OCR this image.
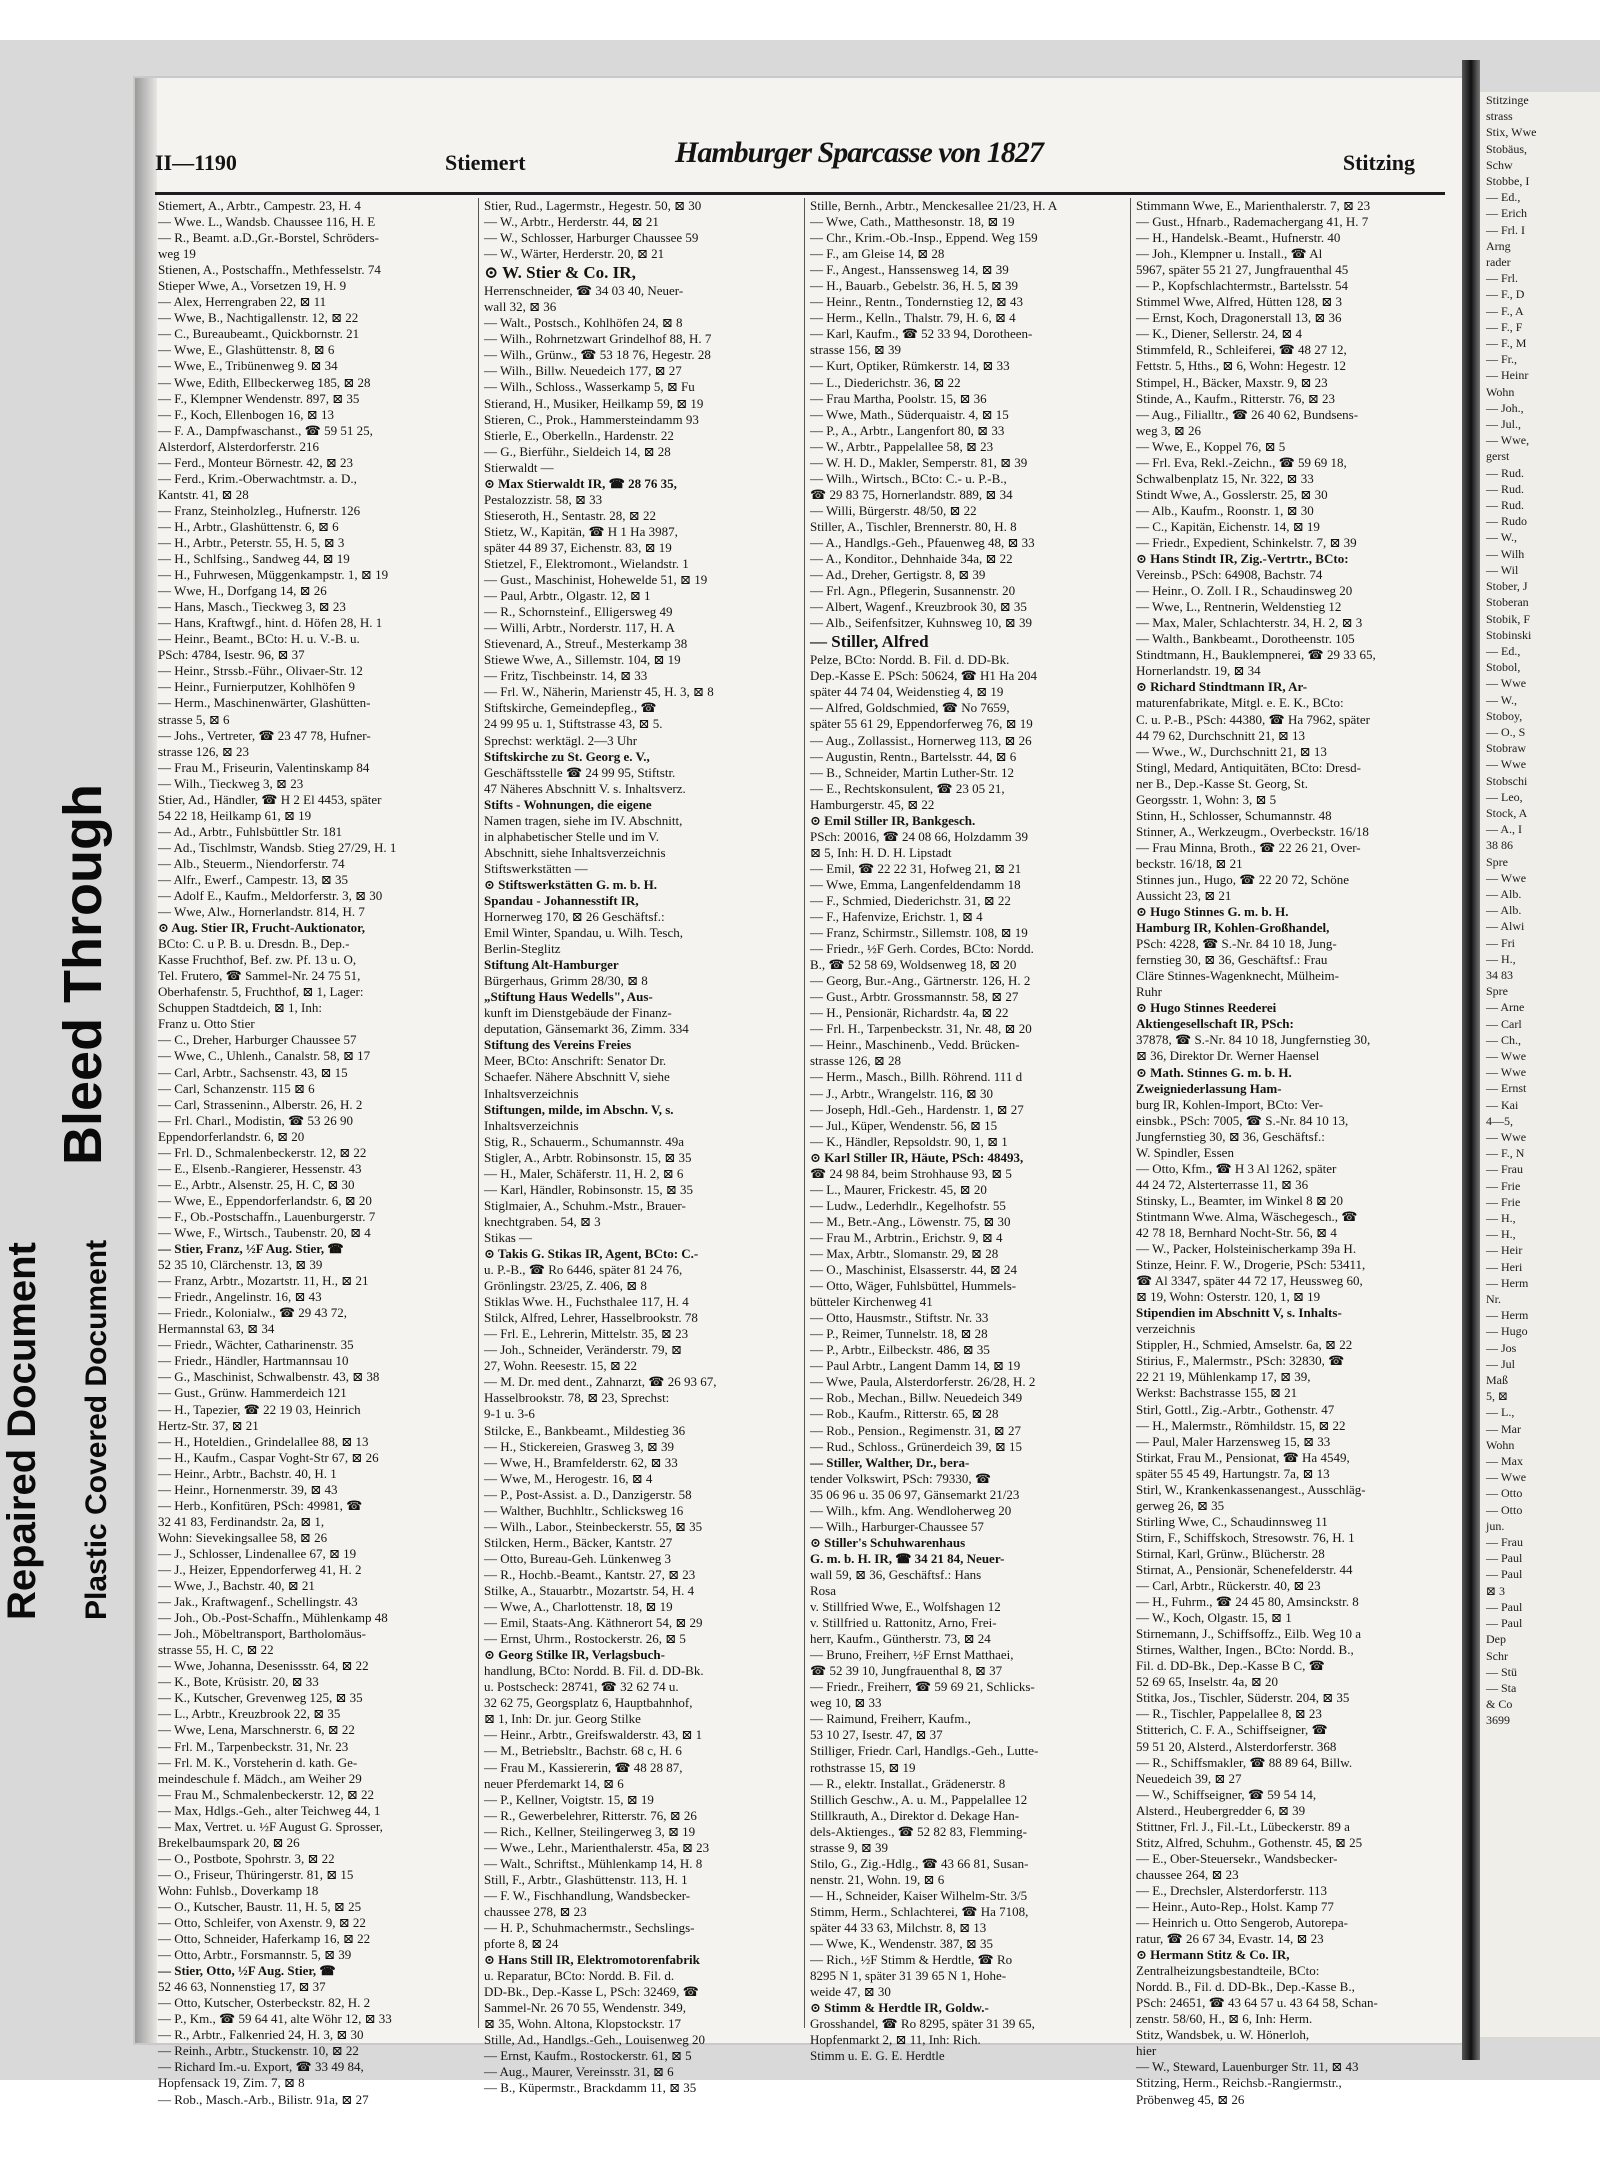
Bleed Through
Repaired Document Plastic Covered Document
Stitzinge
strass
Stix, Wwe
Stobäus,
Schw
Stobbe, I
— Ed.,
— Erich
— Frl. I
Arng
rader
— Frl.
— F., D
— F., A
— F., F
— F., M
— Fr.,
— Heinr
Wohn
— Joh.,
— Jul.,
— Wwe,
gerst
— Rud.
— Rud.
— Rud.
— Rudo
— W.,
— Wilh
— Wil
Stober, J
Stoberan
Stobik, F
Stobinski
— Ed.,
Stobol,
— Wwe
— W.,
Stoboy,
— O., S
Stobraw
— Wwe
Stobschi
— Leo,
Stock, A
— A., I
38 86
Spre
— Wwe
— Alb.
— Alb.
— Alwi
— Fri
— H.,
34 83
Spre
— Arne
— Carl
— Ch.,
— Wwe
— Wwe
— Ernst
— Kai
4—5,
— Wwe
— F., N
— Frau
— Frie
— Frie
— H.,
— H.,
— Heir
— Heri
— Herm
Nr.
— Herm
— Hugo
— Jos
— Jul
Maß
5, ⊠
— L.,
— Mar
Wohn
— Max
— Wwe
— Otto
— Otto
jun.
— Frau
— Paul
— Paul
⊠ 3
— Paul
— Paul
Dep
Schr
— Stü
— Sta
& Co
3699
II—1190	Stiemert	Hamburger Sparcasse von 1827	Stitzing
Stiemert, A., Arbtr., Campestr. 23, H. 4
— Wwe. L., Wandsb. Chaussee 116, H. E
— R., Beamt. a.D.,Gr.-Borstel, Schröders-
weg 19
Stienen, A., Postschaffn., Methfesselstr. 74
Stieper Wwe, A., Vorsetzen 19, H. 9
— Alex, Herrengraben 22, ⊠ 11
— Wwe, B., Nachtigallenstr. 12, ⊠ 22
— C., Bureaubeamt., Quickbornstr. 21
— Wwe, E., Glashüttenstr. 8, ⊠ 6
— Wwe, E., Tribünenweg 9. ⊠ 34
— Wwe, Edith, Ellbeckerweg 185, ⊠ 28
— F., Klempner Wendenstr. 897, ⊠ 35
— F., Koch, Ellenbogen 16, ⊠ 13
— F. A., Dampfwaschanst., ☎ 59 51 25,
Alsterdorf, Alsterdorferstr. 216
— Ferd., Monteur Börnestr. 42, ⊠ 23
— Ferd., Krim.-Oberwachtmstr. a. D.,
Kantstr. 41, ⊠ 28
— Franz, Steinholzleg., Hufnerstr. 126
— H., Arbtr., Glashüttenstr. 6, ⊠ 6
— H., Arbtr., Peterstr. 55, H. 5, ⊠ 3
— H., Schlfsing., Sandweg 44, ⊠ 19
— H., Fuhrwesen, Müggenkampstr. 1, ⊠ 19
— Wwe, H., Dorfgang 14, ⊠ 26
— Hans, Masch., Tieckweg 3, ⊠ 23
— Hans, Kraftwgf., hint. d. Höfen 28, H. 1
— Heinr., Beamt., BCto: H. u. V.-B. u.
PSch: 4784, Isestr. 96, ⊠ 37
— Heinr., Strssb.-Führ., Olivaer-Str. 12
— Heinr., Furnierputzer, Kohlhöfen 9
— Herm., Maschinenwärter, Glashütten-
strasse 5, ⊠ 6
— Johs., Vertreter, ☎ 23 47 78, Hufner-
strasse 126, ⊠ 23
— Frau M., Friseurin, Valentinskamp 84
— Wilh., Tieckweg 3, ⊠ 23
Stier, Ad., Händler, ☎ H 2 El 4453, später
54 22 18, Heilkamp 61, ⊠ 19
— Ad., Arbtr., Fuhlsbüttler Str. 181
— Ad., Tischlmstr, Wandsb. Stieg 27/29, H. 1
— Alb., Steuerm., Niendorferstr. 74
— Alfr., Ewerf., Campestr. 13, ⊠ 35
— Adolf E., Kaufm., Meldorferstr. 3, ⊠ 30
— Wwe, Alw., Hornerlandstr. 814, H. 7
⊙ Aug. Stier IR, Frucht-Auktionator,
BCto: C. u P. B. u. Dresdn. B., Dep.-
Kasse Fruchthof, Bef. zw. Pf. 13 u. O,
Tel. Frutero, ☎ Sammel-Nr. 24 75 51,
Oberhafenstr. 5, Fruchthof, ⊠ 1, Lager:
Schuppen Stadtdeich, ⊠ 1, Inh:
Franz u. Otto Stier
— C., Dreher, Harburger Chaussee 57
— Wwe, C., Uhlenh., Canalstr. 58, ⊠ 17
— Carl, Arbtr., Sachsenstr. 43, ⊠ 15
— Carl, Schanzenstr. 115 ⊠ 6
— Carl, Strasseninn., Alberstr. 26, H. 2
— Frl. Charl., Modistin, ☎ 53 26 90
Eppendorferlandstr. 6, ⊠ 20
— Frl. D., Schmalenbeckerstr. 12, ⊠ 22
— E., Elsenb.-Rangierer, Hessenstr. 43
— E., Arbtr., Alsenstr. 25, H. C, ⊠ 30
— Wwe, E., Eppendorferlandstr. 6, ⊠ 20
— F., Ob.-Postschaffn., Lauenburgerstr. 7
— Wwe, F., Wirtsch., Taubenstr. 20, ⊠ 4
— Stier, Franz, ½F Aug. Stier, ☎
52 35 10, Clärchenstr. 13, ⊠ 39
— Franz, Arbtr., Mozartstr. 11, H., ⊠ 21
— Friedr., Angelinstr. 16, ⊠ 43
— Friedr., Kolonialw., ☎ 29 43 72,
Hermannstal 63, ⊠ 34
— Friedr., Wächter, Catharinenstr. 35
— Friedr., Händler, Hartmannsau 10
— G., Maschinist, Schwalbenstr. 43, ⊠ 38
— Gust., Grünw. Hammerdeich 121
— H., Tapezier, ☎ 22 19 03, Heinrich
Hertz-Str. 37, ⊠ 21
— H., Hoteldien., Grindelallee 88, ⊠ 13
— H., Kaufm., Caspar Voght-Str 67, ⊠ 26
— Heinr., Arbtr., Bachstr. 40, H. 1
— Heinr., Hornenmerstr. 39, ⊠ 43
— Herb., Konfitüren, PSch: 49981, ☎
32 41 83, Ferdinandstr. 2a, ⊠ 1,
Wohn: Sievekingsallee 58, ⊠ 26
— J., Schlosser, Lindenallee 67, ⊠ 19
— J., Heizer, Eppendorferweg 41, H. 2
— Wwe, J., Bachstr. 40, ⊠ 21
— Jak., Kraftwagenf., Schellingstr. 43
— Joh., Ob.-Post-Schaffn., Mühlenkamp 48
— Joh., Möbeltransport, Bartholomäus-
strasse 55, H. C, ⊠ 22
— Wwe, Johanna, Desenissstr. 64, ⊠ 22
— K., Bote, Krüsistr. 20, ⊠ 33
— K., Kutscher, Grevenweg 125, ⊠ 35
— L., Arbtr., Kreuzbrook 22, ⊠ 35
— Wwe, Lena, Marschnerstr. 6, ⊠ 22
— Frl. M., Tarpenbeckstr. 31, Nr. 23
— Frl. M. K., Vorsteherin d. kath. Ge-
meindeschule f. Mädch., am Weiher 29
— Frau M., Schmalenbeckerstr. 12, ⊠ 22
— Max, Hdlgs.-Geh., alter Teichweg 44, 1
— Max, Vertret. u. ½F August G. Sprosser,
Brekelbaumspark 20, ⊠ 26
— O., Postbote, Spohrstr. 3, ⊠ 22
— O., Friseur, Thüringerstr. 81, ⊠ 15
Wohn: Fuhlsb., Doverkamp 18
— O., Kutscher, Baustr. 11, H. 5, ⊠ 25
— Otto, Schleifer, von Axenstr. 9, ⊠ 22
— Otto, Schneider, Haferkamp 16, ⊠ 22
— Otto, Arbtr., Forsmannstr. 5, ⊠ 39
— Stier, Otto, ½F Aug. Stier, ☎
52 46 63, Nonnenstieg 17, ⊠ 37
— Otto, Kutscher, Osterbeckstr. 82, H. 2
— P., Km., ☎ 59 64 41, alte Wöhr 12, ⊠ 33
— R., Arbtr., Falkenried 24, H. 3, ⊠ 30
— Reinh., Arbtr., Stuckenstr. 10, ⊠ 22
— Richard Im.-u. Export, ☎ 33 49 84,
Hopfensack 19, Zim. 7, ⊠ 8
— Rob., Masch.-Arb., Bilistr. 91a, ⊠ 27
Stier, Rud., Lagermstr., Hegestr. 50, ⊠ 30
— W., Arbtr., Herderstr. 44, ⊠ 21
— W., Schlosser, Harburger Chaussee 59
— W., Wärter, Herderstr. 20, ⊠ 21
⊙ W. Stier & Co. IR,
Herrenschneider, ☎ 34 03 40, Neuer-
wall 32, ⊠ 36
— Walt., Postsch., Kohlhöfen 24, ⊠ 8
— Wilh., Rohrnetzwart Grindelhof 88, H. 7
— Wilh., Grünw., ☎ 53 18 76, Hegestr. 28
— Wilh., Billw. Neuedeich 177, ⊠ 27
— Wilh., Schloss., Wasserkamp 5, ⊠ Fu
Stierand, H., Musiker, Heilkamp 59, ⊠ 19
Stieren, C., Prok., Hammersteindamm 93
Stierle, E., Oberkelln., Hardenstr. 22
— G., Bierführ., Sieldeich 14, ⊠ 28
Stierwaldt —
⊙ Max Stierwaldt IR, ☎ 28 76 35,
Pestalozzistr. 58, ⊠ 33
Stieseroth, H., Sentastr. 28, ⊠ 22
Stietz, W., Kapitän, ☎ H 1 Ha 3987,
später 44 89 37, Eichenstr. 83, ⊠ 19
Stietzel, F., Elektromont., Wielandstr. 1
— Gust., Maschinist, Hohewelde 51, ⊠ 19
— Paul, Arbtr., Olgastr. 12, ⊠ 1
— R., Schornsteinf., Elligersweg 49
— Willi, Arbtr., Norderstr. 117, H. A
Stievenard, A., Streuf., Mesterkamp 38
Stiewe Wwe, A., Sillemstr. 104, ⊠ 19
— Fritz, Tischbeinstr. 14, ⊠ 33
— Frl. W., Näherin, Marienstr 45, H. 3, ⊠ 8
Stiftskirche, Gemeindepfleg., ☎
24 99 95 u. 1, Stiftstrasse 43, ⊠ 5.
Sprechst: werktägl. 2—3 Uhr
Stiftskirche zu St. Georg e. V.,
Geschäftsstelle ☎ 24 99 95, Stiftstr.
47 Näheres Abschnitt V. s. Inhaltsverz.
Stifts - Wohnungen, die eigene
Namen tragen, siehe im IV. Abschnitt,
in alphabetischer Stelle und im V.
Abschnitt, siehe Inhaltsverzeichnis
Stiftswerkstätten —
⊙ Stiftswerkstätten G. m. b. H.
Spandau - Johannesstift IR,
Hornerweg 170, ⊠ 26 Geschäftsf.:
Emil Winter, Spandau, u. Wilh. Tesch,
Berlin-Steglitz
Stiftung Alt-Hamburger
Bürgerhaus, Grimm 28/30, ⊠ 8
„Stiftung Haus Wedells", Aus-
kunft im Dienstgebäude der Finanz-
deputation, Gänsemarkt 36, Zimm. 334
Stiftung des Vereins Freies
Meer, BCto: Anschrift: Senator Dr.
Schaefer. Nähere Abschnitt V, siehe
Inhaltsverzeichnis
Stiftungen, milde, im Abschn. V, s.
Inhaltsverzeichnis
Stig, R., Schauerm., Schumannstr. 49a
Stigler, A., Arbtr. Robinsonstr. 15, ⊠ 35
— H., Maler, Schäferstr. 11, H. 2, ⊠ 6
— Karl, Händler, Robinsonstr. 15, ⊠ 35
Stiglmaier, A., Schuhm.-Mstr., Brauer-
knechtgraben. 54, ⊠ 3
Stikas —
⊙ Takis G. Stikas IR, Agent, BCto: C.-
u. P.-B., ☎ Ro 6446, später 81 24 76,
Grönlingstr. 23/25, Z. 406, ⊠ 8
Stiklas Wwe. H., Fuchsthalee 117, H. 4
Stilck, Alfred, Lehrer, Hasselbrookstr. 78
— Frl. E., Lehrerin, Mittelstr. 35, ⊠ 23
— Joh., Schneider, Veränderstr. 79, ⊠
27, Wohn. Reesestr. 15, ⊠ 22
— M. Dr. med dent., Zahnarzt, ☎ 26 93 67,
Hasselbrookstr. 78, ⊠ 23, Sprechst:
9-1 u. 3-6
Stilcke, E., Bankbeamt., Mildestieg 36
— H., Stickereien, Grasweg 3, ⊠ 39
— Wwe, H., Bramfelderstr. 62, ⊠ 33
— Wwe, M., Herogestr. 16, ⊠ 4
— P., Post-Assist. a. D., Danzigerstr. 58
— Walther, Buchhltr., Schlicksweg 16
— Wilh., Labor., Steinbeckerstr. 55, ⊠ 35
Stilcken, Herm., Bäcker, Kantstr. 27
— Otto, Bureau-Geh. Lünkenweg 3
— R., Hochb.-Beamt., Kantstr. 27, ⊠ 23
Stilke, A., Stauarbtr., Mozartstr. 54, H. 4
— Wwe, A., Charlottenstr. 18, ⊠ 19
— Emil, Staats-Ang. Käthnerort 54, ⊠ 29
— Ernst, Uhrm., Rostockerstr. 26, ⊠ 5
⊙ Georg Stilke IR, Verlagsbuch-
handlung, BCto: Nordd. B. Fil. d. DD-Bk.
u. Postscheck: 28741, ☎ 32 62 74 u.
32 62 75, Georgsplatz 6, Hauptbahnhof,
⊠ 1, Inh: Dr. jur. Georg Stilke
— Heinr., Arbtr., Greifswalderstr. 43, ⊠ 1
— M., Betriebsltr., Bachstr. 68 c, H. 6
— Frau M., Kassiererin, ☎ 48 28 87,
neuer Pferdemarkt 14, ⊠ 6
— P., Kellner, Voigtstr. 15, ⊠ 19
— R., Gewerbelehrer, Ritterstr. 76, ⊠ 26
— Rich., Kellner, Steilingerweg 3, ⊠ 19
— Wwe., Lehr., Marienthalerstr. 45a, ⊠ 23
— Walt., Schriftst., Mühlenkamp 14, H. 8
Still, F., Arbtr., Glashüttenstr. 113, H. 1
— F. W., Fischhandlung, Wandsbecker-
chaussee 278, ⊠ 23
— H. P., Schuhmachermstr., Sechslings-
pforte 8, ⊠ 24
⊙ Hans Still IR, Elektromotorenfabrik
u. Reparatur, BCto: Nordd. B. Fil. d.
DD-Bk., Dep.-Kasse L, PSch: 32469, ☎
Sammel-Nr. 26 70 55, Wendenstr. 349,
⊠ 35, Wohn. Altona, Klopstockstr. 17
Stille, Ad., Handlgs.-Geh., Louisenweg 20
— Ernst, Kaufm., Rostockerstr. 61, ⊠ 5
— Aug., Maurer, Vereinsstr. 31, ⊠ 6
— B., Küpermstr., Brackdamm 11, ⊠ 35
Stille, Bernh., Arbtr., Menckesallee 21/23, H. A
— Wwe, Cath., Matthesonstr. 18, ⊠ 19
— Chr., Krim.-Ob.-Insp., Eppend. Weg 159
— F., am Gleise 14, ⊠ 28
— F., Angest., Hanssensweg 14, ⊠ 39
— H., Bauarb., Gebelstr. 36, H. 5, ⊠ 39
— Heinr., Rentn., Tondernstieg 12, ⊠ 43
— Herm., Kelln., Thalstr. 79, H. 6, ⊠ 4
— Karl, Kaufm., ☎ 52 33 94, Dorotheen-
strasse 156, ⊠ 39
— Kurt, Optiker, Rümkerstr. 14, ⊠ 33
— L., Diederichstr. 36, ⊠ 22
— Frau Martha, Poolstr. 15, ⊠ 36
— Wwe, Math., Süderquaistr. 4, ⊠ 15
— P., A., Arbtr., Langenfort 80, ⊠ 33
— W., Arbtr., Pappelallee 58, ⊠ 23
— W. H. D., Makler, Semperstr. 81, ⊠ 39
— Wilh., Wirtsch., BCto: C.- u. P.-B.,
☎ 29 83 75, Hornerlandstr. 889, ⊠ 34
— Willi, Bürgerstr. 48/50, ⊠ 22
Stiller, A., Tischler, Brennerstr. 80, H. 8
— A., Handlgs.-Geh., Pfauenweg 48, ⊠ 33
— A., Konditor., Dehnhaide 34a, ⊠ 22
— Ad., Dreher, Gertigstr. 8, ⊠ 39
— Frl. Agn., Pflegerin, Susannenstr. 20
— Albert, Wagenf., Kreuzbrook 30, ⊠ 35
— Alb., Seifenfsitzer, Kuhnsweg 10, ⊠ 39
— Stiller, Alfred
Pelze, BCto: Nordd. B. Fil. d. DD-Bk.
Dep.-Kasse E. PSch: 50624, ☎ H1 Ha 204
später 44 74 04, Weidenstieg 4, ⊠ 19
— Alfred, Goldschmied, ☎ No 7659,
später 55 61 29, Eppendorferweg 76, ⊠ 19
— Aug., Zollassist., Hornerweg 113, ⊠ 26
— Augustin, Rentn., Bartelsstr. 44, ⊠ 6
— B., Schneider, Martin Luther-Str. 12
— E., Rechtskonsulent, ☎ 23 05 21,
Hamburgerstr. 45, ⊠ 22
⊙ Emil Stiller IR, Bankgesch.
PSch: 20016, ☎ 24 08 66, Holzdamm 39
⊠ 5, Inh: H. D. H. Lipstadt
— Emil, ☎ 22 22 31, Hofweg 21, ⊠ 21
— Wwe, Emma, Langenfeldendamm 18
— F., Schmied, Diederichstr. 31, ⊠ 22
— F., Hafenvize, Erichstr. 1, ⊠ 4
— Franz, Schirmstr., Sillemstr. 108, ⊠ 19
— Friedr., ½F Gerh. Cordes, BCto: Nordd.
B., ☎ 52 58 69, Woldsenweg 18, ⊠ 20
— Georg, Bur.-Ang., Gärtnerstr. 126, H. 2
— Gust., Arbtr. Grossmannstr. 58, ⊠ 27
— H., Pensionär, Richardstr. 4a, ⊠ 22
— Frl. H., Tarpenbeckstr. 31, Nr. 48, ⊠ 20
— Heinr., Maschinenb., Vedd. Brücken-
strasse 126, ⊠ 28
— Herm., Masch., Billh. Röhrend. 111 d
— J., Arbtr., Wrangelstr. 116, ⊠ 30
— Joseph, Hdl.-Geh., Hardenstr. 1, ⊠ 27
— Jul., Küper, Wendenstr. 56, ⊠ 15
— K., Händler, Repsoldstr. 90, 1, ⊠ 1
⊙ Karl Stiller IR, Häute, PSch: 48493,
☎ 24 98 84, beim Strohhause 93, ⊠ 5
— L., Maurer, Frickestr. 45, ⊠ 20
— Ludw., Lederhdlr., Kegelhofstr. 55
— M., Betr.-Ang., Löwenstr. 75, ⊠ 30
— Frau M., Arbtrin., Erichstr. 9, ⊠ 4
— Max, Arbtr., Slomanstr. 29, ⊠ 28
— O., Maschinist, Elsasserstr. 44, ⊠ 24
— Otto, Wäger, Fuhlsbüttel, Hummels-
bütteler Kirchenweg 41
— Otto, Hausmstr., Stiftstr. Nr. 33
— P., Reimer, Tunnelstr. 18, ⊠ 28
— P., Arbtr., Eilbeckstr. 486, ⊠ 35
— Paul Arbtr., Langent Damm 14, ⊠ 19
— Wwe, Paula, Alsterdorferstr. 26/28, H. 2
— Rob., Mechan., Billw. Neuedeich 349
— Rob., Kaufm., Ritterstr. 65, ⊠ 28
— Rob., Pension., Regimenstr. 31, ⊠ 27
— Rud., Schloss., Grünerdeich 39, ⊠ 15
— Stiller, Walther, Dr., bera-
tender Volkswirt, PSch: 79330, ☎
35 06 96 u. 35 06 97, Gänsemarkt 21/23
— Wilh., kfm. Ang. Wendloherweg 20
— Wilh., Harburger-Chaussee 57
⊙ Stiller's Schuhwarenhaus
G. m. b. H. IR, ☎ 34 21 84, Neuer-
wall 59, ⊠ 36, Geschäftsf.: Hans
Rosa
v. Stillfried Wwe, E., Wolfshagen 12
v. Stillfried u. Rattonitz, Arno, Frei-
herr, Kaufm., Güntherstr. 73, ⊠ 24
— Bruno, Freiherr, ½F Ernst Matthaei,
☎ 52 39 10, Jungfrauenthal 8, ⊠ 37
— Friedr., Freiherr, ☎ 59 69 21, Schlicks-
weg 10, ⊠ 33
— Raimund, Freiherr, Kaufm.,
53 10 27, Isestr. 47, ⊠ 37
Stilliger, Friedr. Carl, Handlgs.-Geh., Lutte-
rothstrasse 15, ⊠ 19
— R., elektr. Installat., Grädenerstr. 8
Stillich Geschw., A. u. M., Pappelallee 12
Stillkrauth, A., Direktor d. Dekage Han-
dels-Aktienges., ☎ 52 82 83, Flemming-
strasse 9, ⊠ 39
Stilo, G., Zig.-Hdlg., ☎ 43 66 81, Susan-
nenstr. 21, Wohn. 19, ⊠ 6
— H., Schneider, Kaiser Wilhelm-Str. 3/5
Stimm, Herm., Schlachterei, ☎ Ha 7108,
später 44 33 63, Milchstr. 8, ⊠ 13
— Wwe, K., Wendenstr. 387, ⊠ 35
— Rich., ½F Stimm & Herdtle, ☎ Ro
8295 N 1, später 31 39 65 N 1, Hohe-
weide 47, ⊠ 30
⊙ Stimm & Herdtle IR, Goldw.-
Grosshandel, ☎ Ro 8295, später 31 39 65,
Hopfenmarkt 2, ⊠ 11, Inh: Rich.
Stimm u. E. G. E. Herdtle
Stimmann Wwe, E., Marienthalerstr. 7, ⊠ 23
— Gust., Hfnarb., Rademachergang 41, H. 7
— H., Handelsk.-Beamt., Hufnerstr. 40
— Joh., Klempner u. Install., ☎ Al
5967, später 55 21 27, Jungfrauenthal 45
— P., Kopfschlachtermstr., Bartelsstr. 54
Stimmel Wwe, Alfred, Hütten 128, ⊠ 3
— Ernst, Koch, Dragonerstall 13, ⊠ 36
— K., Diener, Sellerstr. 24, ⊠ 4
Stimmfeld, R., Schleiferei, ☎ 48 27 12,
Fettstr. 5, Hths., ⊠ 6, Wohn: Hegestr. 12
Stimpel, H., Bäcker, Maxstr. 9, ⊠ 23
Stinde, A., Kaufm., Ritterstr. 76, ⊠ 23
— Aug., Filialltr., ☎ 26 40 62, Bundsens-
weg 3, ⊠ 26
— Wwe, E., Koppel 76, ⊠ 5
— Frl. Eva, Rekl.-Zeichn., ☎ 59 69 18,
Schwalbenplatz 15, Nr. 322, ⊠ 33
Stindt Wwe, A., Gosslerstr. 25, ⊠ 30
— Alb., Kaufm., Roonstr. 1, ⊠ 30
— C., Kapitän, Eichenstr. 14, ⊠ 19
— Friedr., Expedient, Schinkelstr. 7, ⊠ 39
⊙ Hans Stindt IR, Zig.-Vertrtr., BCto:
Vereinsb., PSch: 64908, Bachstr. 74
— Heinr., O. Zoll. I R., Schaudinsweg 20
— Wwe, L., Rentnerin, Weldenstieg 12
— Max, Maler, Schlachterstr. 34, H. 2, ⊠ 3
— Walth., Bankbeamt., Dorotheenstr. 105
Stindtmann, H., Bauklempnerei, ☎ 29 33 65,
Hornerlandstr. 19, ⊠ 34
⊙ Richard Stindtmann IR, Ar-
maturenfabrikate, Mitgl. e. E. K., BCto:
C. u. P.-B., PSch: 44380, ☎ Ha 7962, später
44 79 62, Durchschnitt 21, ⊠ 13
— Wwe., W., Durchschnitt 21, ⊠ 13
Stingl, Medard, Antiquitäten, BCto: Dresd-
ner B., Dep.-Kasse St. Georg, St.
Georgsstr. 1, Wohn: 3, ⊠ 5
Stinn, H., Schlosser, Schumannstr. 48
Stinner, A., Werkzeugm., Overbeckstr. 16/18
— Frau Minna, Broth., ☎ 22 26 21, Over-
beckstr. 16/18, ⊠ 21
Stinnes jun., Hugo, ☎ 22 20 72, Schöne
Aussicht 23, ⊠ 21
⊙ Hugo Stinnes G. m. b. H.
Hamburg IR, Kohlen-Großhandel,
PSch: 4228, ☎ S.-Nr. 84 10 18, Jung-
fernstieg 30, ⊠ 36, Geschäftsf.: Frau
Cläre Stinnes-Wagenknecht, Mülheim-
Ruhr
⊙ Hugo Stinnes Reederei
Aktiengesellschaft IR, PSch:
37878, ☎ S.-Nr. 84 10 18, Jungfernstieg 30,
⊠ 36, Direktor Dr. Werner Haensel
⊙ Math. Stinnes G. m. b. H.
Zweigniederlassung Ham-
burg IR, Kohlen-Import, BCto: Ver-
einsbk., PSch: 7005, ☎ S.-Nr. 84 10 13,
Jungfernstieg 30, ⊠ 36, Geschäftsf.:
W. Spindler, Essen
— Otto, Kfm., ☎ H 3 Al 1262, später
44 24 72, Alsterterrasse 11, ⊠ 36
Stinsky, L., Beamter, im Winkel 8 ⊠ 20
Stintmann Wwe. Alma, Wäschegesch., ☎
42 78 18, Bernhard Nocht-Str. 56, ⊠ 4
— W., Packer, Holsteinischerkamp 39a H.
Stinze, Heinr. F. W., Drogerie, PSch: 53411,
☎ Al 3347, später 44 72 17, Heussweg 60,
⊠ 19, Wohn: Osterstr. 120, 1, ⊠ 19
Stipendien im Abschnitt V, s. Inhalts-
verzeichnis
Stippler, H., Schmied, Amselstr. 6a, ⊠ 22
Stirius, F., Malermstr., PSch: 32830, ☎
22 21 19, Mühlenkamp 17, ⊠ 39,
Werkst: Bachstrasse 155, ⊠ 21
Stirl, Gottl., Zig.-Arbtr., Gothenstr. 47
— H., Malermstr., Römhildstr. 15, ⊠ 22
— Paul, Maler Harzensweg 15, ⊠ 33
Stirkat, Frau M., Pensionat, ☎ Ha 4549,
später 55 45 49, Hartungstr. 7a, ⊠ 13
Stirl, W., Krankenkassenangest., Ausschläg-
gerweg 26, ⊠ 35
Stirling Wwe, C., Schaudinnsweg 11
Stirn, F., Schiffskoch, Stresowstr. 76, H. 1
Stirnal, Karl, Grünw., Blücherstr. 28
Stirnat, A., Pensionär, Schenefelderstr. 44
— Carl, Arbtr., Rückerstr. 40, ⊠ 23
— H., Fuhrm., ☎ 24 45 80, Amsinckstr. 8
— W., Koch, Olgastr. 15, ⊠ 1
Stirnemann, J., Schiffsoffz., Eilb. Weg 10 a
Stirnes, Walther, Ingen., BCto: Nordd. B.,
Fil. d. DD-Bk., Dep.-Kasse B C, ☎
52 69 65, Inselstr. 4a, ⊠ 20
Stitka, Jos., Tischler, Süderstr. 204, ⊠ 35
— R., Tischler, Pappelallee 8, ⊠ 23
Stitterich, C. F. A., Schiffseigner, ☎
59 51 20, Alsterd., Alsterdorferstr. 368
— R., Schiffsmakler, ☎ 88 89 64, Billw.
Neuedeich 39, ⊠ 27
— W., Schiffseigner, ☎ 59 54 14,
Alsterd., Heubergredder 6, ⊠ 39
Stittner, Frl. J., Fil.-Lt., Lübeckerstr. 89 a
Stitz, Alfred, Schuhm., Gothenstr. 45, ⊠ 25
— E., Ober-Steuersekr., Wandsbecker-
chaussee 264, ⊠ 23
— E., Drechsler, Alsterdorferstr. 113
— Heinr., Auto-Rep., Holst. Kamp 77
— Heinrich u. Otto Sengerob, Autorepa-
ratur, ☎ 26 67 34, Evastr. 14, ⊠ 23
⊙ Hermann Stitz & Co. IR,
Zentralheizungsbestandteile, BCto:
Nordd. B., Fil. d. DD-Bk., Dep.-Kasse B.,
PSch: 24651, ☎ 43 64 57 u. 43 64 58, Schan-
zenstr. 58/60, H., ⊠ 6, Inh: Herm.
Stitz, Wandsbek, u. W. Hönerloh,
hier
— W., Steward, Lauenburger Str. 11, ⊠ 43
Stitzing, Herm., Reichsb.-Rangiermstr.,
Pröbenweg 45, ⊠ 26
